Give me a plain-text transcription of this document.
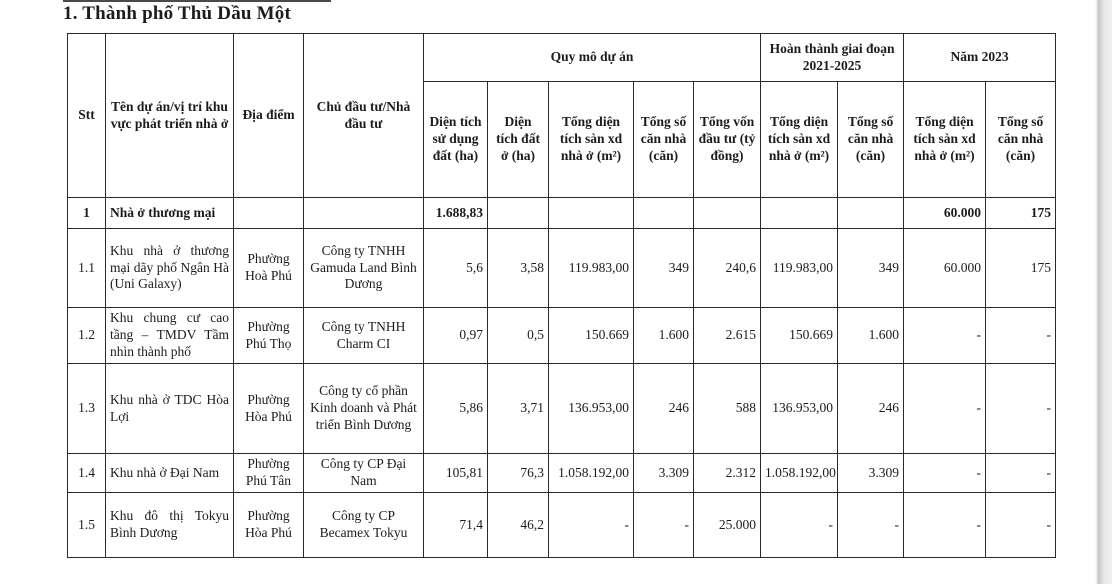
1. Thành phố Thủ Dầu Một
Stt	Tên dự án/vị trí khu vực phát triển nhà ở	Địa điểm	Chủ đầu tư/Nhà đầu tư	Quy mô dự án					Hoàn thành giai đoạn 2021-2025		Năm 2023	
				Diện tích sử dụng đất (ha)	Diện tích đất ở (ha)	Tổng diện tích sàn xd nhà ở (m²)	Tổng số căn nhà (căn)	Tổng vốn đầu tư (tỷ đồng)	Tổng diện tích sàn xd nhà ở (m²)	Tổng số căn nhà (căn)	Tổng diện tích sàn xd nhà ở (m²)	Tổng số căn nhà (căn)
1	Nhà ở thương mại			1.688,83							60.000	175
1.1	Khu nhà ở thương mại dãy phố Ngân Hà (Uni Galaxy)	Phường Hoà Phú	Công ty TNHH Gamuda Land Bình Dương	5,6	3,58	119.983,00	349	240,6	119.983,00	349	60.000	175
1.2	Khu chung cư cao tầng – TMDV Tầm nhìn thành phố	Phường Phú Thọ	Công ty TNHH Charm CI	0,97	0,5	150.669	1.600	2.615	150.669	1.600	-	-
1.3	Khu nhà ở TDC Hòa Lợi	Phường Hòa Phú	Công ty cổ phần Kinh doanh và Phát triển Bình Dương	5,86	3,71	136.953,00	246	588	136.953,00	246	-	-
1.4	Khu nhà ở Đại Nam	Phường Phú Tân	Công ty CP Đại Nam	105,81	76,3	1.058.192,00	3.309	2.312	1.058.192,00	3.309	-	-
1.5	Khu đô thị Tokyu Bình Dương	Phường Hòa Phú	Công ty CP Becamex Tokyu	71,4	46,2	-	-	25.000	-	-	-	-
